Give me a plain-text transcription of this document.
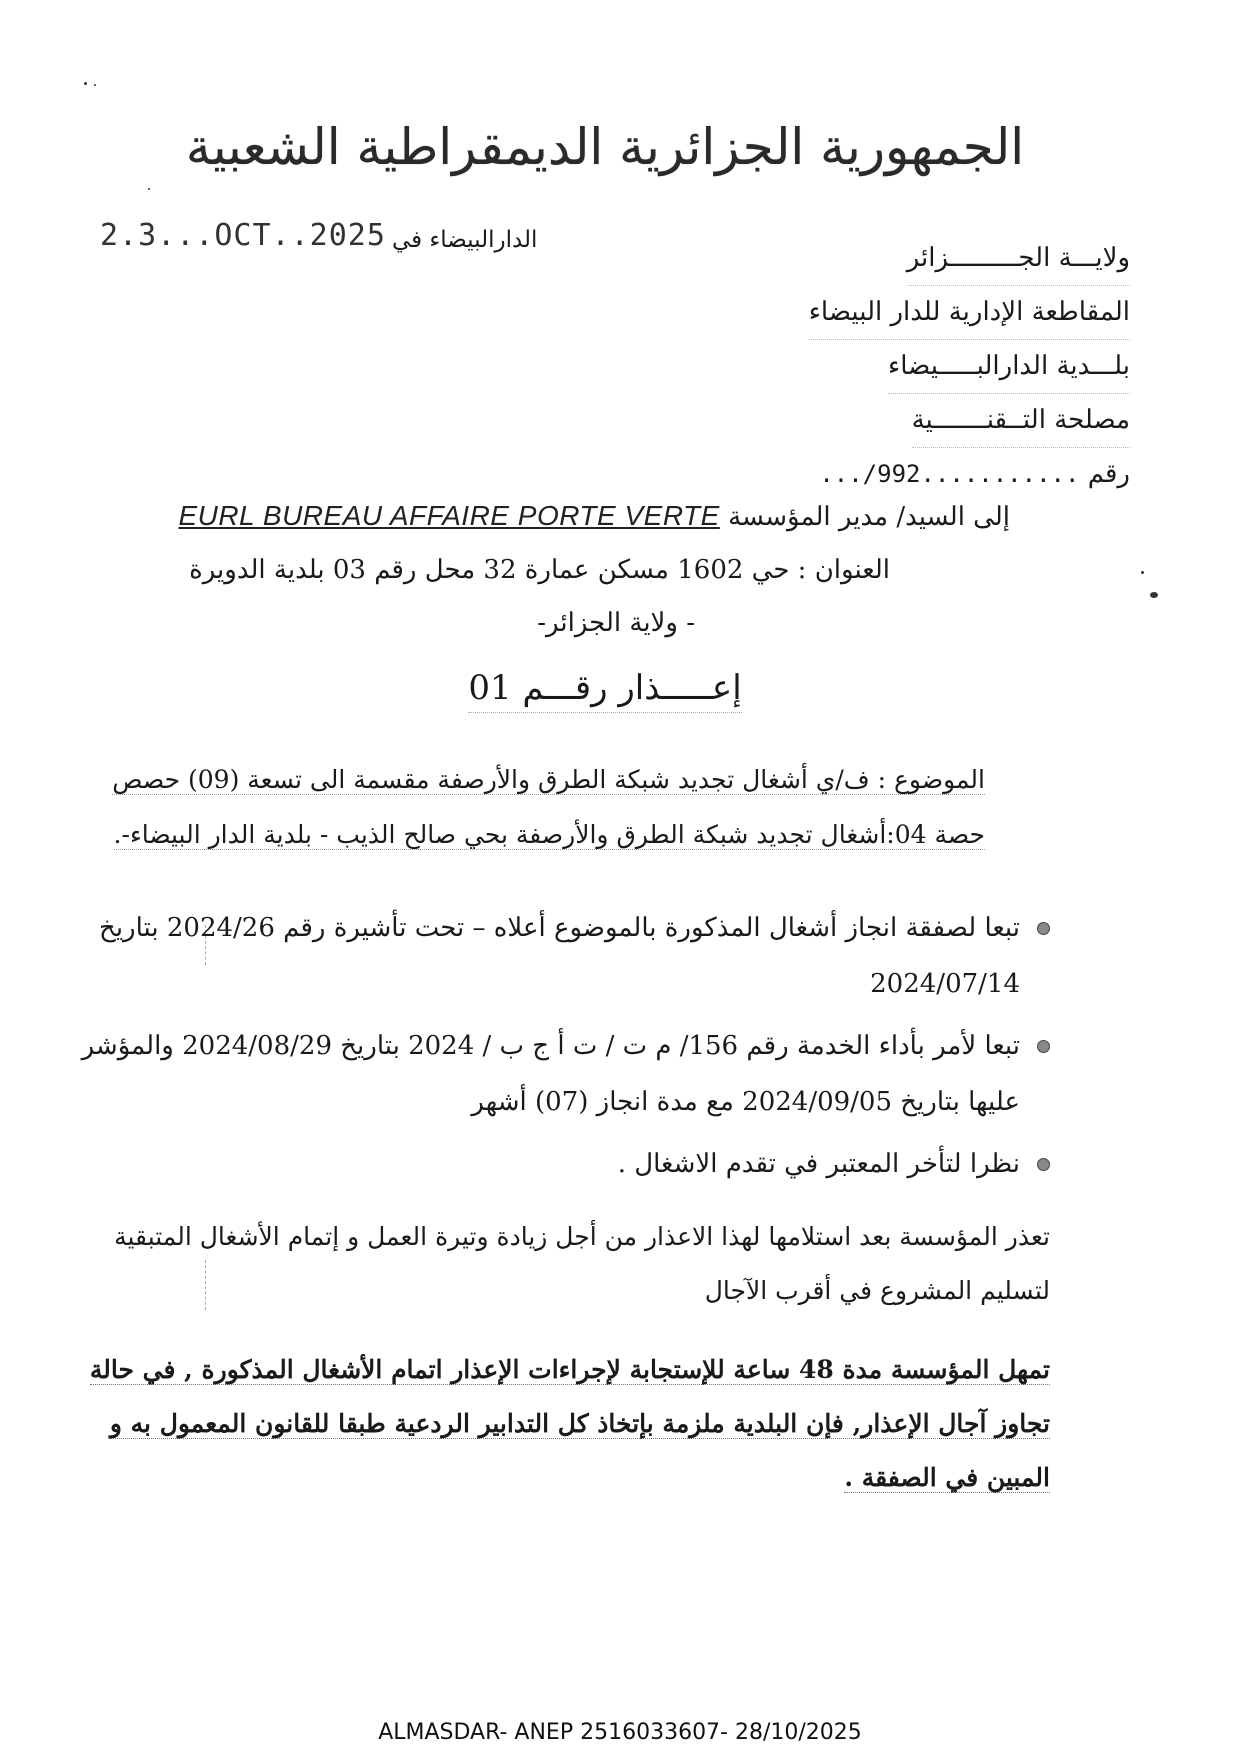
الجمهورية الجزائرية الديمقراطية الشعبية
2.3...OCT..2025 الدارالبيضاء في
ولايـــة الجـــــــــزائر
المقاطعة الإدارية للدار البيضاء
بلـــدية الدارالبـــــيضاء
مصلحة التــقنـــــــية
رقم ...........992/...
إلى السيد/ مدير المؤسسة EURL BUREAU AFFAIRE PORTE VERTE
العنوان : حي 1602 مسكن عمارة 32 محل رقم 03 بلدية الدويرة
- ولاية الجزائر-
إعـــــذار رقـــم 01
الموضوع : ف/ي أشغال تجديد شبكة الطرق والأرصفة مقسمة الى تسعة (09) حصص
حصة 04:أشغال تجديد شبكة الطرق والأرصفة بحي صالح الذيب - بلدية الدار البيضاء-.
تبعا لصفقة انجاز أشغال المذكورة بالموضوع أعلاه – تحت تأشيرة رقم 2024/26 بتاريخ 2024/07/14
تبعا لأمر بأداء الخدمة رقم 156/ م ت / ت أ ج ب / 2024 بتاريخ 2024/08/29 والمؤشر عليها بتاريخ 2024/09/05 مع مدة انجاز (07) أشهر
نظرا لتأخر المعتبر في تقدم الاشغال .
تعذر المؤسسة بعد استلامها لهذا الاعذار من أجل زيادة وتيرة العمل و إتمام الأشغال المتبقية لتسليم المشروع في أقرب الآجال
تمهل المؤسسة مدة 48 ساعة للإستجابة لإجراءات الإعذار اتمام الأشغال المذكورة , في حالة تجاوز آجال الإعذار, فإن البلدية ملزمة بإتخاذ كل التدابير الردعية طبقا للقانون المعمول به و المبين في الصفقة .
ALMASDAR- ANEP 2516033607- 28/10/2025
